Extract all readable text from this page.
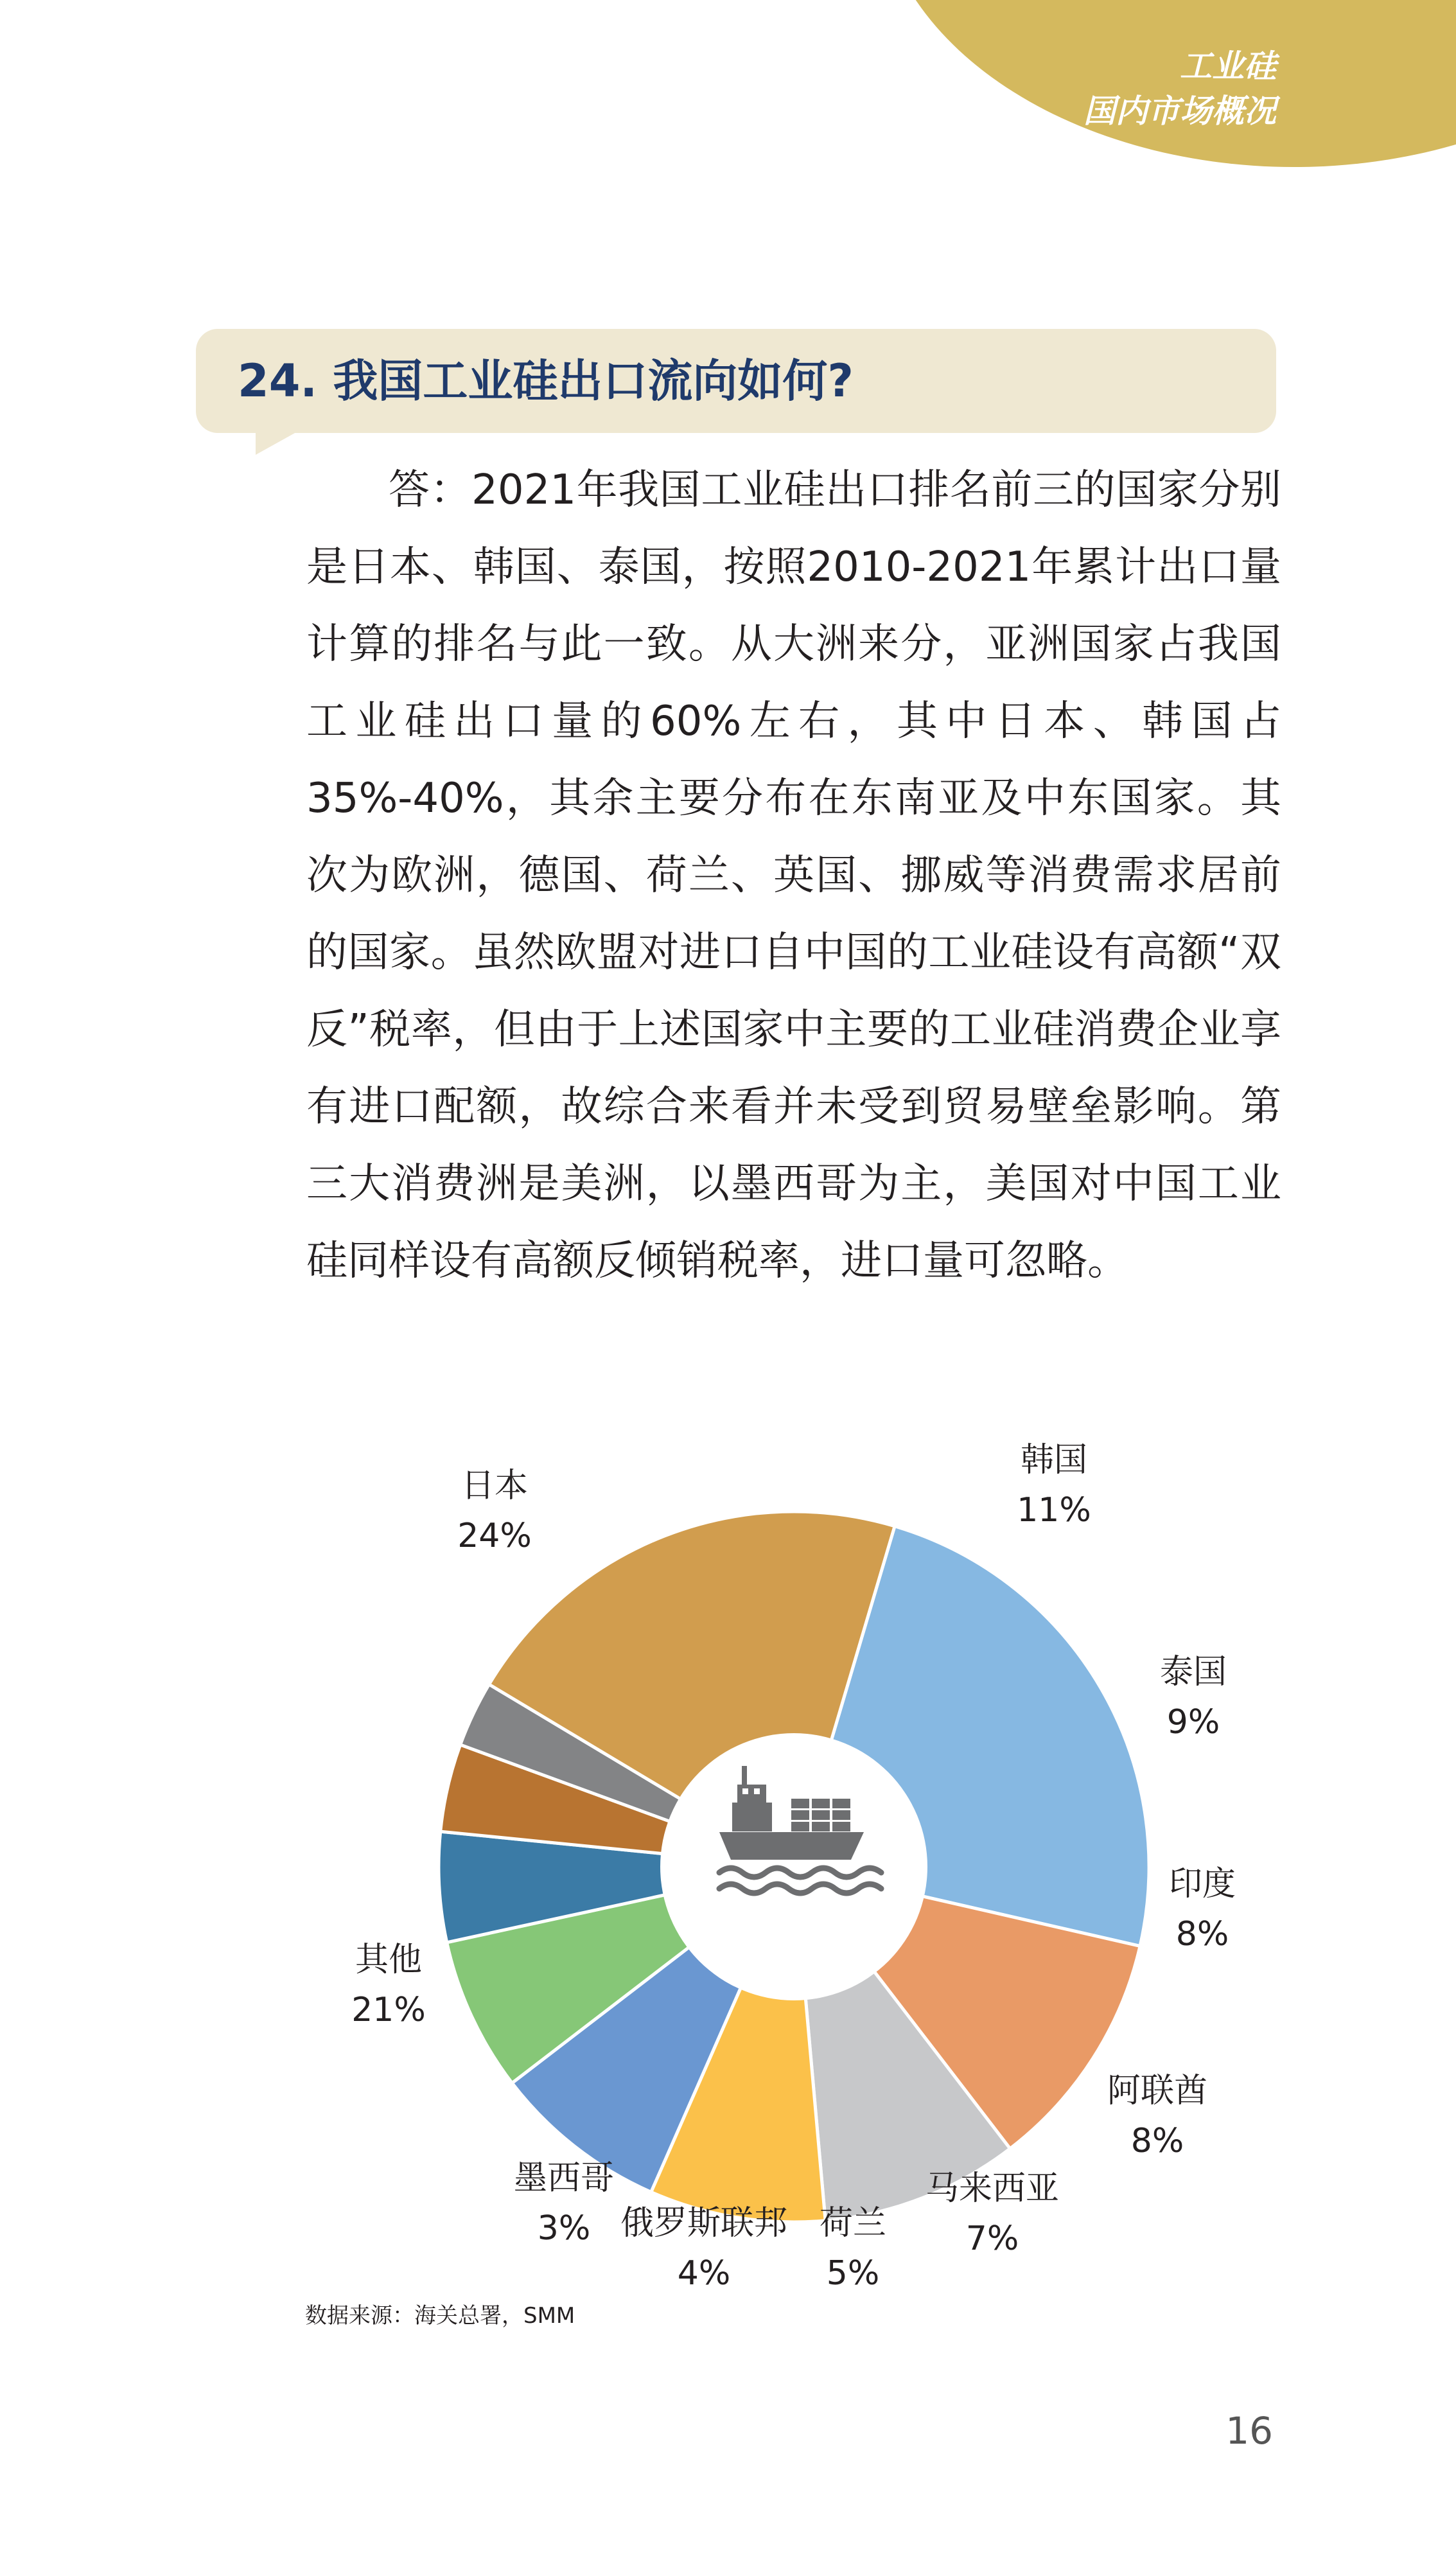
工业硅
国内市场概况
24. 我国工业硅出口流向如何?

答：2021年我国工业硅出口排名前三的国家分别是日本、韩国、泰国，按照2010-2021年累计出口量计算的排名与此一致。从大洲来分，亚洲国家占我国工业硅出口量的60%左右，其中日本、韩国占35%-40%，其余主要分布在东南亚及中东国家。其次为欧洲，德国、荷兰、英国、挪威等消费需求居前的国家。虽然欧盟对进口自中国的工业硅设有高额“双反”税率，但由于上述国家中主要的工业硅消费企业享有进口配额，故综合来看并未受到贸易壁垒影响。第三大消费洲是美洲，以墨西哥为主，美国对中国工业硅同样设有高额反倾销税率，进口量可忽略。

日本
24%
韩国
11%
泰国
9%
印度
8%
阿联酋
8%
马来西亚
7%
荷兰
5%
俄罗斯联邦
4%
墨西哥
3%
其他
21%
数据来源：海关总署，SMM
16
